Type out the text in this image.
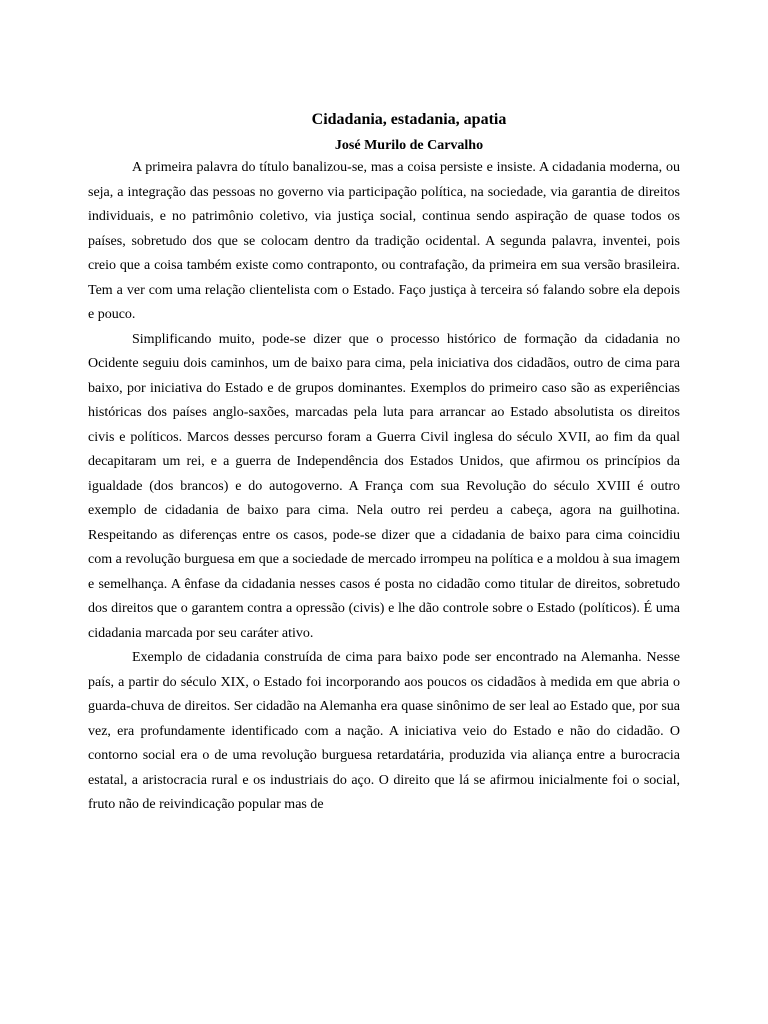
Cidadania, estadania, apatia
José Murilo de Carvalho

A primeira palavra do título banalizou-se, mas a coisa persiste e insiste. A cidadania moderna, ou seja, a integração das pessoas no governo via participação política, na sociedade, via garantia de direitos individuais, e no patrimônio coletivo, via justiça social, continua sendo aspiração de quase todos os países, sobretudo dos que se colocam dentro da tradição ocidental. A segunda palavra, inventei, pois creio que a coisa também existe como contraponto, ou contrafação, da primeira em sua versão brasileira. Tem a ver com uma relação clientelista com o Estado. Faço justiça à terceira só falando sobre ela depois e pouco.

Simplificando muito, pode-se dizer que o processo histórico de formação da cidadania no Ocidente seguiu dois caminhos, um de baixo para cima, pela iniciativa dos cidadãos, outro de cima para baixo, por iniciativa do Estado e de grupos dominantes. Exemplos do primeiro caso são as experiências históricas dos países anglo-saxões, marcadas pela luta para arrancar ao Estado absolutista os direitos civis e políticos. Marcos desses percurso foram a Guerra Civil inglesa do século XVII, ao fim da qual decapitaram um rei, e a guerra de Independência dos Estados Unidos, que afirmou os princípios da igualdade (dos brancos) e do autogoverno. A França com sua Revolução do século XVIII é outro exemplo de cidadania de baixo para cima. Nela outro rei perdeu a cabeça, agora na guilhotina. Respeitando as diferenças entre os casos, pode-se dizer que a cidadania de baixo para cima coincidiu com a revolução burguesa em que a sociedade de mercado irrompeu na política e a moldou à sua imagem e semelhança. A ênfase da cidadania nesses casos é posta no cidadão como titular de direitos, sobretudo dos direitos que o garantem contra a opressão (civis) e lhe dão controle sobre o Estado (políticos). É uma cidadania marcada por seu caráter ativo.

Exemplo de cidadania construída de cima para baixo pode ser encontrado na Alemanha. Nesse país, a partir do século XIX, o Estado foi incorporando aos poucos os cidadãos à medida em que abria o guarda-chuva de direitos. Ser cidadão na Alemanha era quase sinônimo de ser leal ao Estado que, por sua vez, era profundamente identificado com a nação. A iniciativa veio do Estado e não do cidadão. O contorno social era o de uma revolução burguesa retardatária, produzida via aliança entre a burocracia estatal, a aristocracia rural e os industriais do aço. O direito que lá se afirmou inicialmente foi o social, fruto não de reivindicação popular mas de
